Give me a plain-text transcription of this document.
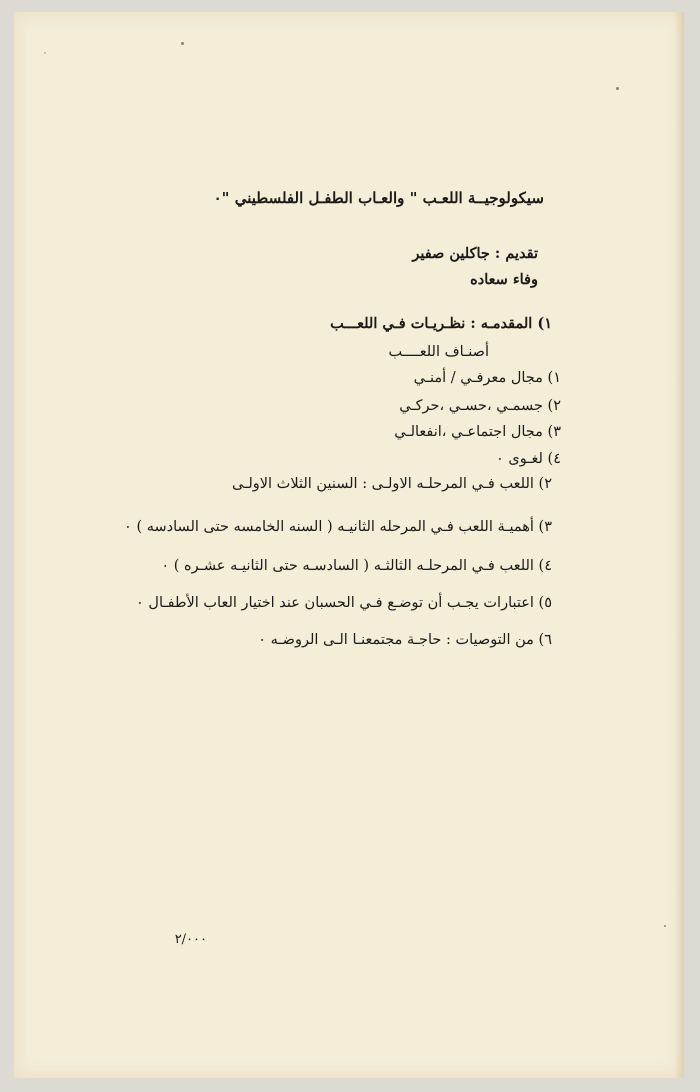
سيكولوجيــة اللعـب " والعـاب الطفـل الفلسطيني "٠
تقديم : جاكلين صفير
وفاء سعاده
١) المقدمـه : نظـريـات فـي اللعـــب
أصنـاف اللعــــب
١) مجال معرفـي / أمنـي
٢) جسمـي ،حسـي ،حركـي
٣) مجال اجتماعـي ،انفعالـي
٤) لغـوى ٠
٢) اللعب فـي المرحلـه الاولـى : السنين الثلاث الاولـى
٣) أهميـة اللعب فـي المرحله الثانيـه ( السنه الخامسه حتى السادسه ) ٠
٤) اللعب فـي المرحلـه الثالثـه ( السادسـه حتى الثانيـه عشـره ) ٠
٥) اعتبارات يجـب أن توضـع فـي الحسبان عند اختيار العاب الأطفـال ٠
٦) من التوصيات : حاجـة مجتمعنـا الـى الروضـه ٠
٢/٠٠٠
